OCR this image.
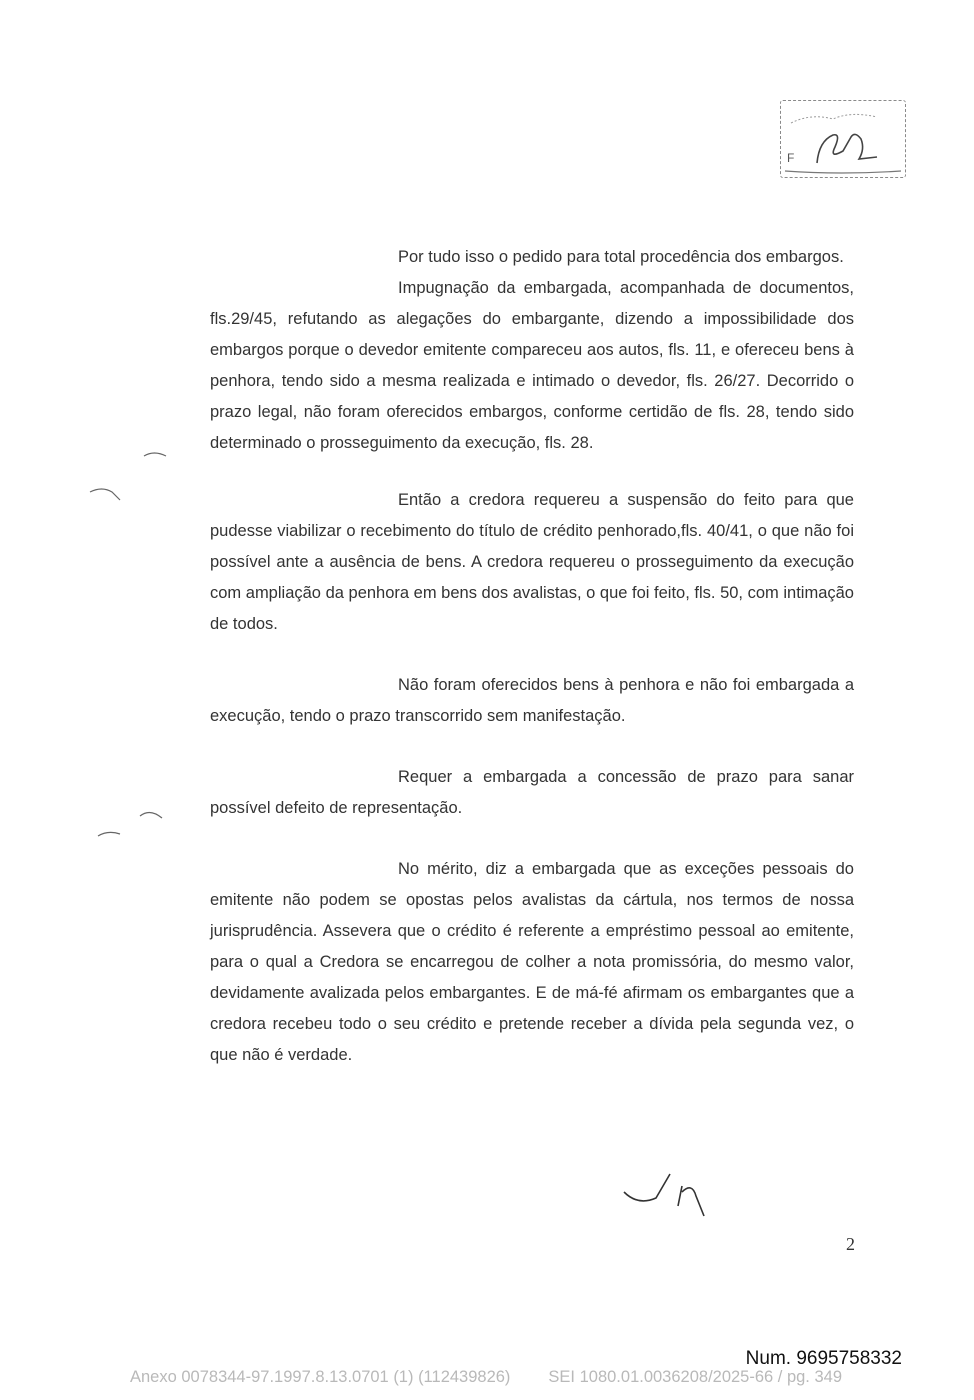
F

Por tudo isso o pedido para total procedência dos embargos.

Impugnação da embargada, acompanhada de documentos, fls.29/45, refutando as alegações do embargante, dizendo a impossibilidade dos embargos porque o devedor emitente compareceu aos autos, fls. 11, e ofereceu bens à penhora, tendo sido a mesma realizada e intimado o devedor, fls. 26/27. Decorrido o prazo legal, não foram oferecidos embargos, conforme certidão de fls. 28, tendo sido determinado o prosseguimento da execução, fls. 28.

Então a credora requereu a suspensão do feito para que pudesse viabilizar o recebimento do título de crédito penhorado,fls. 40/41, o que não foi possível ante a ausência de bens. A credora requereu o prosseguimento da execução com ampliação da penhora em bens dos avalistas, o que foi feito, fls. 50, com intimação de todos.

Não foram oferecidos bens à penhora e não foi embargada a execução, tendo o prazo transcorrido sem manifestação.

Requer a embargada a concessão de prazo para sanar possível defeito de representação.

No mérito, diz a embargada que as exceções pessoais do emitente não podem se opostas pelos avalistas da cártula, nos termos de nossa jurisprudência. Assevera que o crédito é referente a empréstimo pessoal ao emitente, para o qual a Credora se encarregou de colher a nota promissória, do mesmo valor, devidamente avalizada pelos embargantes. E de má-fé afirmam os embargantes que a credora recebeu todo o seu crédito e pretende receber a dívida pela segunda vez, o que não é verdade.

2
Num. 9695758332
Anexo 0078344-97.1997.8.13.0701 (1) (112439826) SEI 1080.01.0036208/2025-66 / pg. 349
